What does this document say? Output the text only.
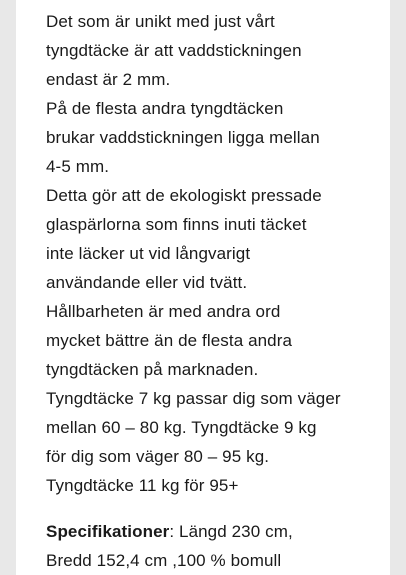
Det som är unikt med just vårt
tyngdtäcke är att vaddstickningen
endast är 2 mm.
På de flesta andra tyngdtäcken
brukar vaddstickningen ligga mellan
4-5 mm.
Detta gör att de ekologiskt pressade
glaspärlorna som finns inuti täcket
inte läcker ut vid långvarigt
användande eller vid tvätt.
Hållbarheten är med andra ord
mycket bättre än de flesta andra
tyngdtäcken på marknaden.
Tyngdtäcke 7 kg passar dig som väger
mellan 60 – 80 kg. Tyngdtäcke 9 kg
för dig som väger 80 – 95 kg.
Tyngdtäcke 11 kg för 95+
Specifikationer: Längd 230 cm,
Bredd 152,4 cm ,100 % bomull
